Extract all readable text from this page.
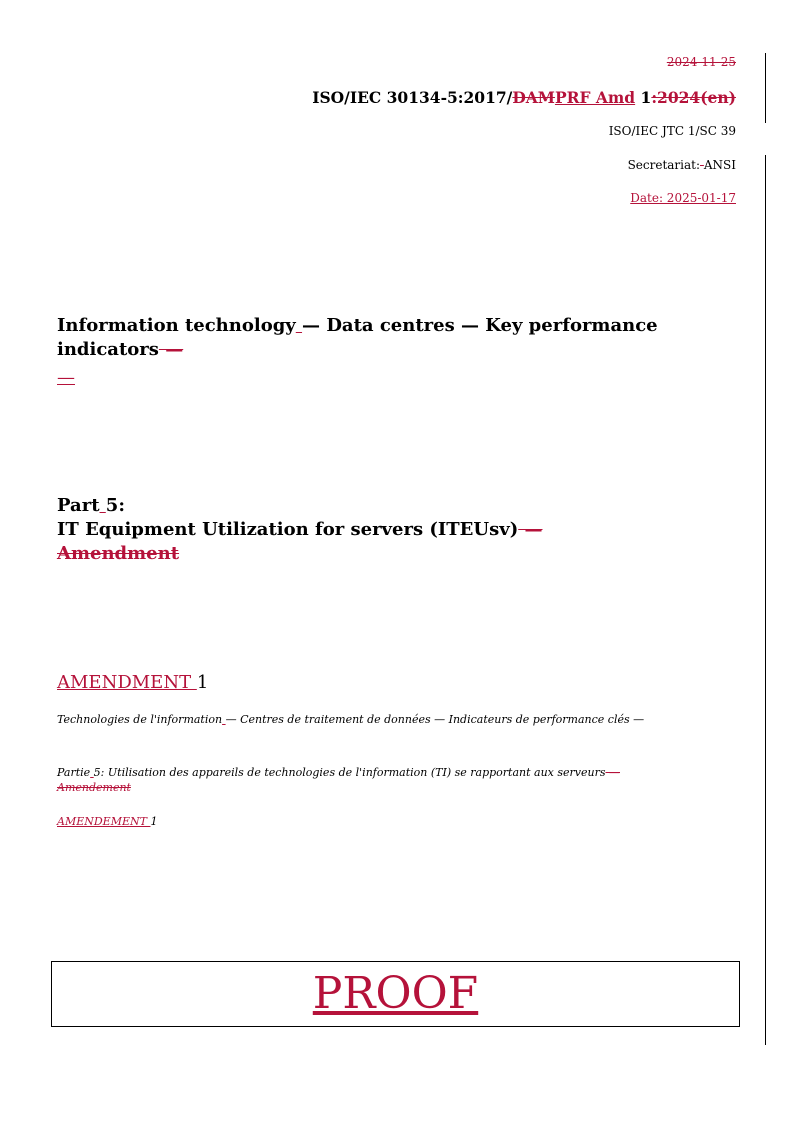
2024-11-25
ISO/IEC 30134-5:2017/DAMPRF Amd 1:2024(en)
ISO/IEC JTC 1/SC 39
Secretariat: ANSI
Date: 2025-01-17
Information technology — Data centres — Key performance indicators —
—
Part 5:
IT Equipment Utilization for servers (ITEUsv) —
Amendment
AMENDMENT 1
Technologies de l'information — Centres de traitement de données — Indicateurs de performance clés —
Partie 5: Utilisation des appareils de technologies de l'information (TI) se rapportant aux serveurs —
Amendement
AMENDEMENT 1
PROOF
